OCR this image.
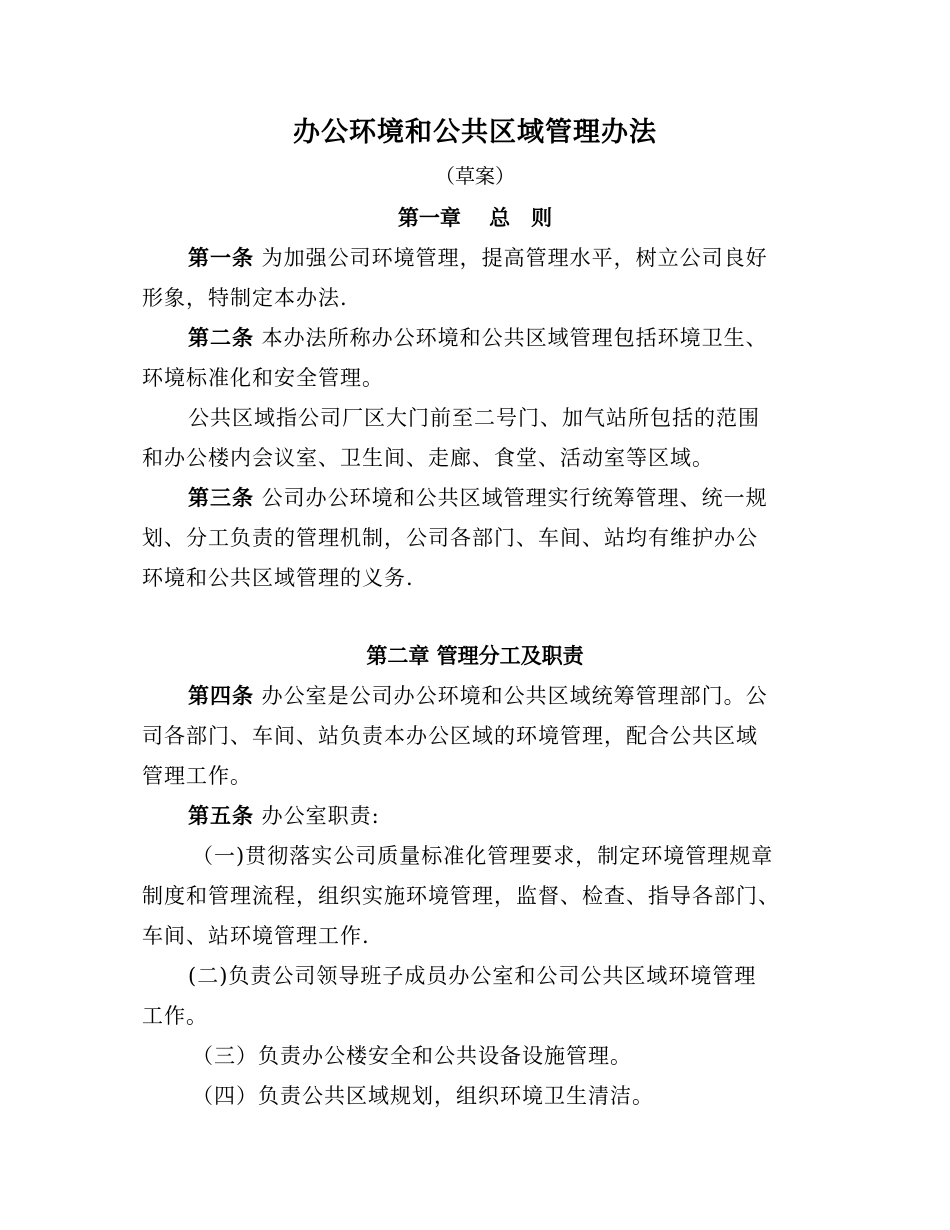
办公环境和公共区域管理办法
（草案）
第一章　 总　则
第一条 为加强公司环境管理，提高管理水平，树立公司良好
形象，特制定本办法.
第二条 本办法所称办公环境和公共区域管理包括环境卫生、
环境标准化和安全管理。
公共区域指公司厂区大门前至二号门、加气站所包括的范围
和办公楼内会议室、卫生间、走廊、食堂、活动室等区域。
第三条 公司办公环境和公共区域管理实行统筹管理、统一规
划、分工负责的管理机制，公司各部门、车间、站均有维护办公
环境和公共区域管理的义务.
第二章 管理分工及职责
第四条 办公室是公司办公环境和公共区域统筹管理部门。公
司各部门、车间、站负责本办公区域的环境管理，配合公共区域
管理工作。
第五条 办公室职责:
（一)贯彻落实公司质量标准化管理要求，制定环境管理规章
制度和管理流程，组织实施环境管理，监督、检查、指导各部门、
车间、站环境管理工作.
(二)负责公司领导班子成员办公室和公司公共区域环境管理
工作。
（三）负责办公楼安全和公共设备设施管理。
（四）负责公共区域规划，组织环境卫生清洁。
